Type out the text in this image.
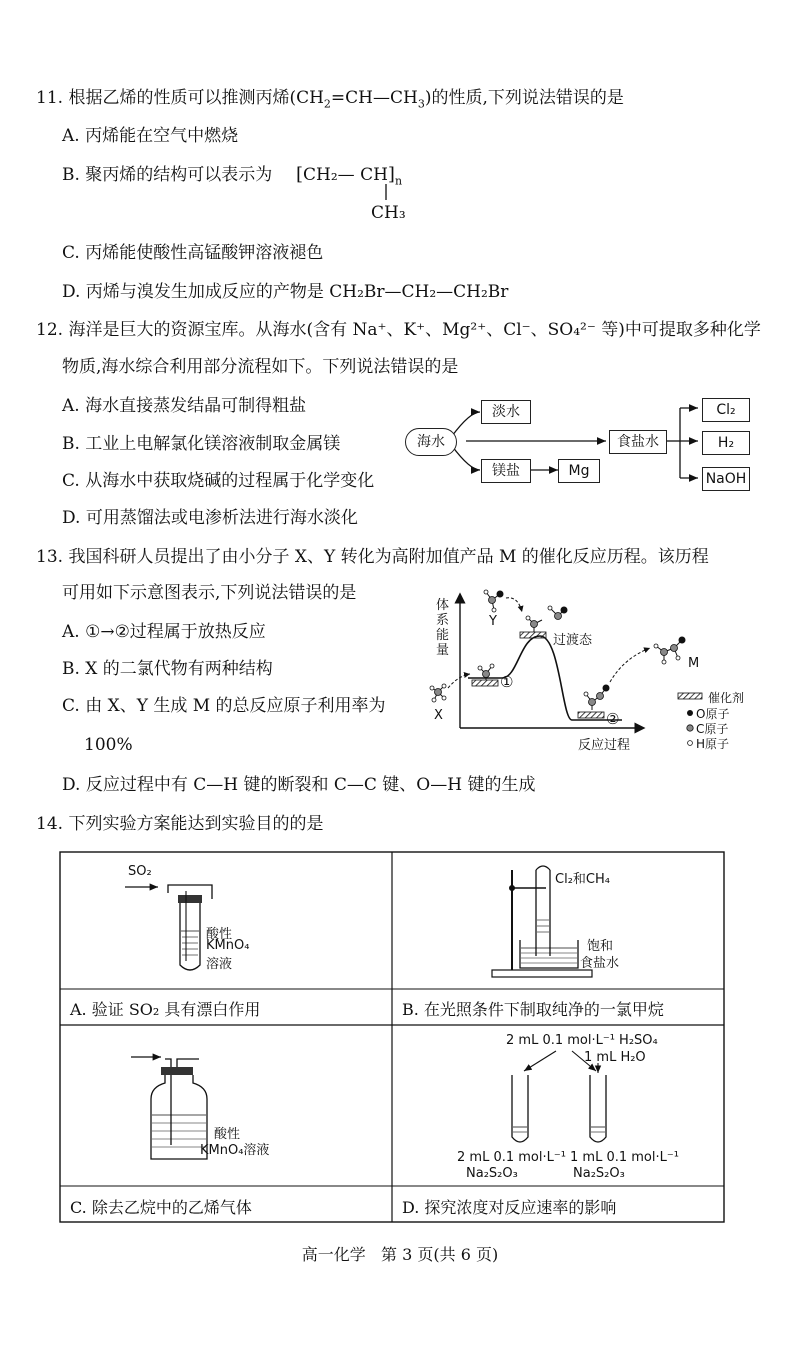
11. 根据乙烯的性质可以推测丙烯$(CH_2=CH—CH_3)$的性质,下列说法错误的是
A. 丙烯能在空气中燃烧
B. 聚丙烯的结构可以表示为 [CH₂— $CH]_n$
CH₃
C. 丙烯能使酸性高锰酸钾溶液褪色
D. 丙烯与溴发生加成反应的产物是 CH₂Br—CH₂—CH₂Br
12. 海洋是巨大的资源宝库。从海水(含有 Na⁺、K⁺、Mg²⁺、Cl⁻、SO₄²⁻ 等)中可提取多种化学
物质,海水综合利用部分流程如下。下列说法错误的是
A. 海水直接蒸发结晶可制得粗盐
B. 工业上电解氯化镁溶液制取金属镁
C. 从海水中获取烧碱的过程属于化学变化
D. 可用蒸馏法或电渗析法进行海水淡化
海水
淡水
镁盐	Mg
食盐水
Cl₂
H₂
NaOH
13. 我国科研人员提出了由小分子 X、Y 转化为高附加值产品 M 的催化反应历程。该历程
可用如下示意图表示,下列说法错误的是
A. ①→②过程属于放热反应
B. X 的二氯代物有两种结构
C. 由 X、Y 生成 M 的总反应原子利用率为
100%
D. 反应过程中有 C—H 键的断裂和 C—C 键、O—H 键的生成
体系能量
反应过程
过渡态
X
Y
M
①
②
催化剂
O原子
C原子
H原子
14. 下列实验方案能达到实验目的的是
SO₂
酸性
KMnO₄
溶液
A. 验证 SO₂ 具有漂白作用
Cl₂和CH₄
饱和
食盐水
B. 在光照条件下制取纯净的一氯甲烷
酸性
KMnO₄溶液
C. 除去乙烷中的乙烯气体
2 mL 0.1 mol·L⁻¹ H₂SO₄
1 mL H₂O
2 mL 0.1 mol·L⁻¹
Na₂S₂O₃
1 mL 0.1 mol·L⁻¹
Na₂S₂O₃
D. 探究浓度对反应速率的影响
高一化学   第 3 页(共 6 页)
